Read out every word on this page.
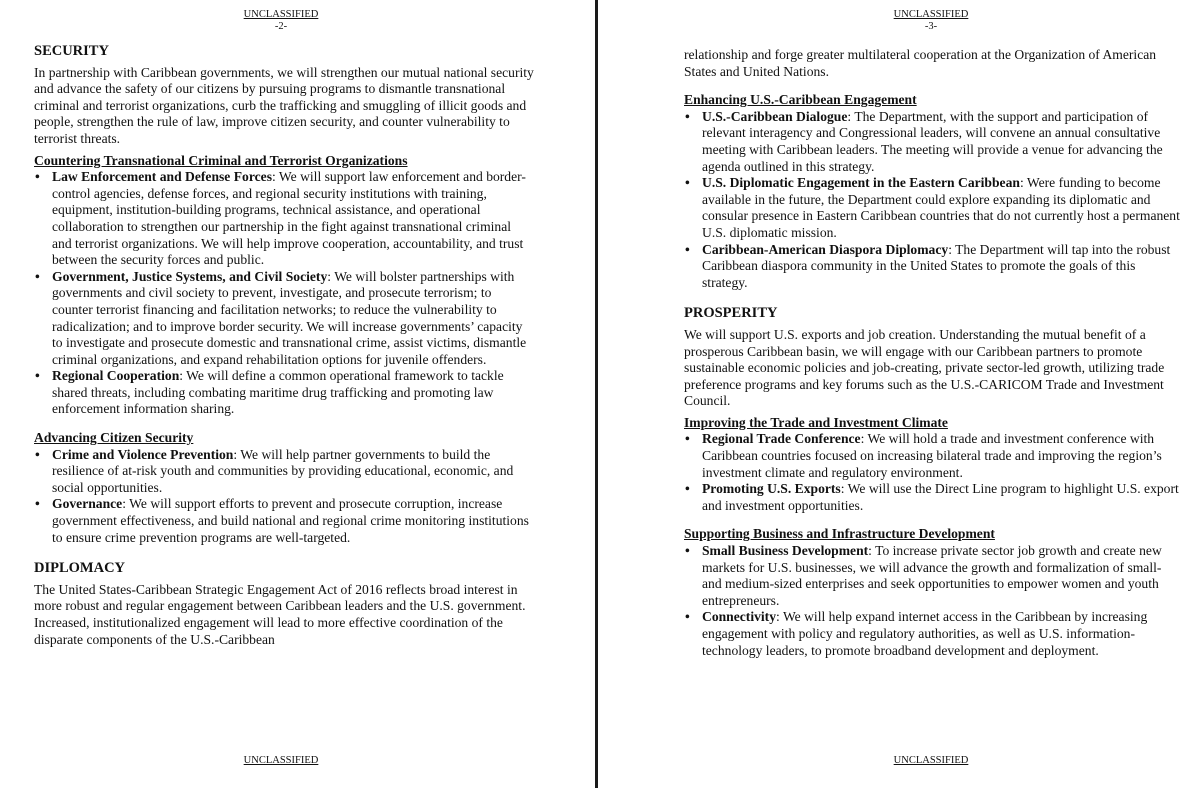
UNCLASSIFIED
-2-
SECURITY

In partnership with Caribbean governments, we will strengthen our mutual national security and advance the safety of our citizens by pursuing programs to dismantle transnational criminal and terrorist organizations, curb the trafficking and smuggling of illicit goods and people, strengthen the rule of law, improve citizen security, and counter vulnerability to terrorist threats.

Countering Transnational Criminal and Terrorist Organizations
• Law Enforcement and Defense Forces: We will support law enforcement and border-control agencies, defense forces, and regional security institutions with training, equipment, institution-building programs, technical assistance, and operational collaboration to strengthen our partnership in the fight against transnational criminal and terrorist organizations. We will help improve cooperation, accountability, and trust between the security forces and public.
• Government, Justice Systems, and Civil Society: We will bolster partnerships with governments and civil society to prevent, investigate, and prosecute terrorism; to counter terrorist financing and facilitation networks; to reduce the vulnerability to radicalization; and to improve border security. We will increase governments’ capacity to investigate and prosecute domestic and transnational crime, assist victims, dismantle criminal organizations, and expand rehabilitation options for juvenile offenders.
• Regional Cooperation: We will define a common operational framework to tackle shared threats, including combating maritime drug trafficking and promoting law enforcement information sharing.
Advancing Citizen Security
• Crime and Violence Prevention: We will help partner governments to build the resilience of at-risk youth and communities by providing educational, economic, and social opportunities.
• Governance: We will support efforts to prevent and prosecute corruption, increase government effectiveness, and build national and regional crime monitoring institutions to ensure crime prevention programs are well-targeted.
DIPLOMACY

The United States-Caribbean Strategic Engagement Act of 2016 reflects broad interest in more robust and regular engagement between Caribbean leaders and the U.S. government. Increased, institutionalized engagement will lead to more effective coordination of the disparate components of the U.S.-Caribbean

UNCLASSIFIED
UNCLASSIFIED
-3-

relationship and forge greater multilateral cooperation at the Organization of American States and United Nations.

Enhancing U.S.-Caribbean Engagement
• U.S.-Caribbean Dialogue: The Department, with the support and participation of relevant interagency and Congressional leaders, will convene an annual consultative meeting with Caribbean leaders. The meeting will provide a venue for advancing the agenda outlined in this strategy.
• U.S. Diplomatic Engagement in the Eastern Caribbean: Were funding to become available in the future, the Department could explore expanding its diplomatic and consular presence in Eastern Caribbean countries that do not currently host a permanent U.S. diplomatic mission.
• Caribbean-American Diaspora Diplomacy: The Department will tap into the robust Caribbean diaspora community in the United States to promote the goals of this strategy.
PROSPERITY

We will support U.S. exports and job creation. Understanding the mutual benefit of a prosperous Caribbean basin, we will engage with our Caribbean partners to promote sustainable economic policies and job-creating, private sector-led growth, utilizing trade preference programs and key forums such as the U.S.-CARICOM Trade and Investment Council.

Improving the Trade and Investment Climate
• Regional Trade Conference: We will hold a trade and investment conference with Caribbean countries focused on increasing bilateral trade and improving the region’s investment climate and regulatory environment.
• Promoting U.S. Exports: We will use the Direct Line program to highlight U.S. export and investment opportunities.
Supporting Business and Infrastructure Development
• Small Business Development: To increase private sector job growth and create new markets for U.S. businesses, we will advance the growth and formalization of small- and medium-sized enterprises and seek opportunities to empower women and youth entrepreneurs.
• Connectivity: We will help expand internet access in the Caribbean by increasing engagement with policy and regulatory authorities, as well as U.S. information-technology leaders, to promote broadband development and deployment.
UNCLASSIFIED
